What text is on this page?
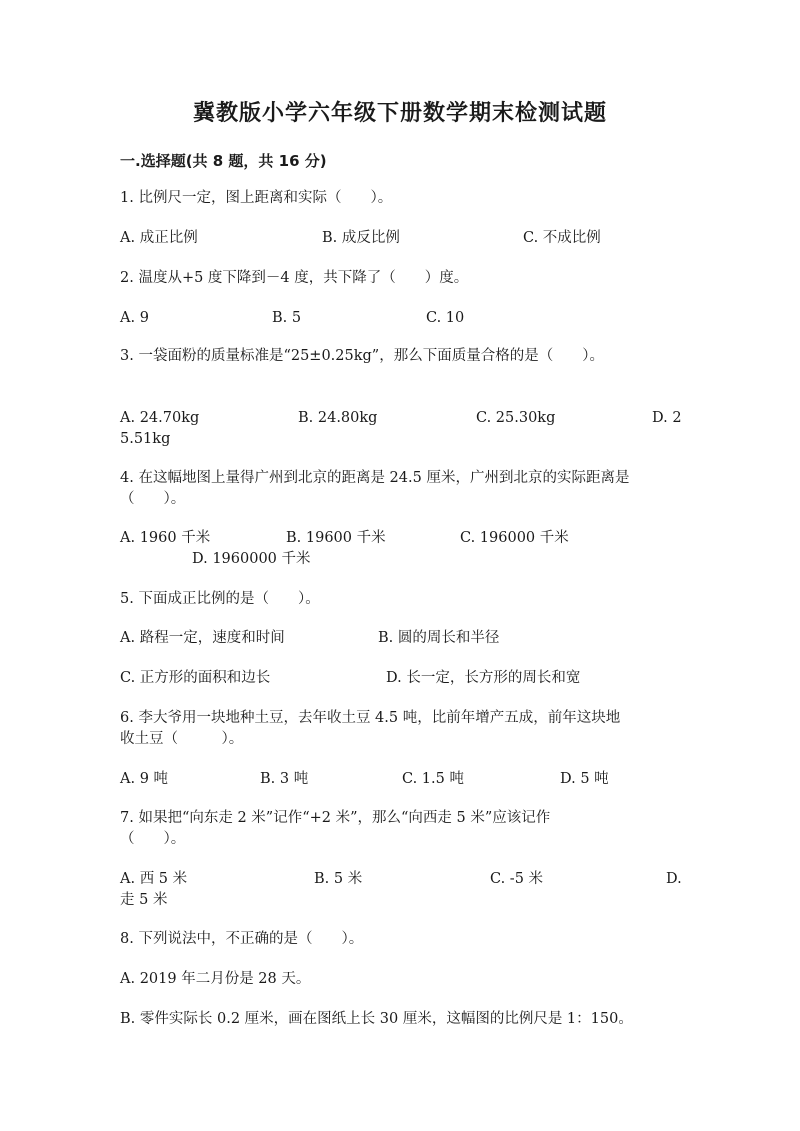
冀教版小学六年级下册数学期末检测试题
一.选择题(共 8 题，共 16 分)
1. 比例尺一定，图上距离和实际（　　）。
A. 成正比例	B. 成反比例	C. 不成比例
2. 温度从+5 度下降到－4 度，共下降了（　　）度。
A. 9	B. 5	C. 10
3. 一袋面粉的质量标准是“25±0.25kg”，那么下面质量合格的是（　　）。
A. 24.70kg	B. 24.80kg	C. 25.30kg	D. 2
5.51kg
4. 在这幅地图上量得广州到北京的距离是 24.5 厘米，广州到北京的实际距离是
（　　）。
A. 1960 千米	B. 19600 千米	C. 196000 千米
D. 1960000 千米
5. 下面成正比例的是（　　）。
A. 路程一定，速度和时间	B. 圆的周长和半径
C. 正方形的面积和边长	D. 长一定，长方形的周长和宽
6. 李大爷用一块地种土豆，去年收土豆 4.5 吨，比前年增产五成，前年这块地
收土豆（　　　）。
A. 9 吨	B. 3 吨	C. 1.5 吨	D. 5 吨
7. 如果把“向东走 2 米”记作“+2 米”，那么“向西走 5 米”应该记作
（　　）。
A. 西 5 米	B. 5 米	C. -5 米	D.
走 5 米
8. 下列说法中，不正确的是（　　）。
A. 2019 年二月份是 28 天。
B. 零件实际长 0.2 厘米，画在图纸上长 30 厘米，这幅图的比例尺是 1：150。
